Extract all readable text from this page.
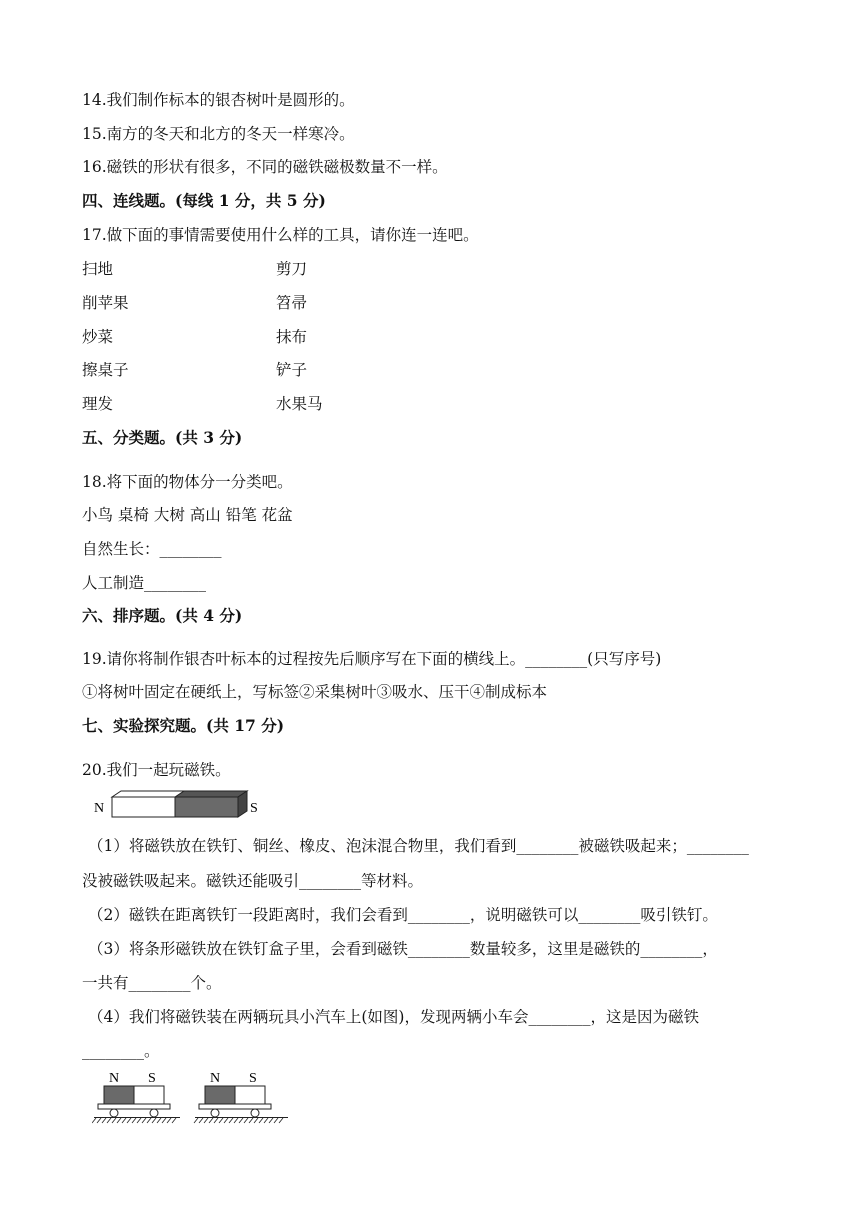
14.我们制作标本的银杏树叶是圆形的。
15.南方的冬天和北方的冬天一样寒冷。
16.磁铁的形状有很多，不同的磁铁磁极数量不一样。
四、连线题。(每线 1 分，共 5 分)
17.做下面的事情需要使用什么样的工具，请你连一连吧。
扫地	剪刀
削苹果	笤帚
炒菜	抹布
擦桌子	铲子
理发	水果马
五、分类题。(共 3 分)
18.将下面的物体分一分类吧。
小鸟 桌椅 大树 高山 铅笔 花盆
自然生长：________
人工制造________
六、排序题。(共 4 分)
19.请你将制作银杏叶标本的过程按先后顺序写在下面的横线上。________(只写序号)
①将树叶固定在硬纸上，写标签②采集树叶③吸水、压干④制成标本
七、实验探究题。(共 17 分)
20.我们一起玩磁铁。
N	S
（1）将磁铁放在铁钉、铜丝、橡皮、泡沫混合物里，我们看到________被磁铁吸起来；________
没被磁铁吸起来。磁铁还能吸引________等材料。
（2）磁铁在距离铁钉一段距离时，我们会看到________，说明磁铁可以________吸引铁钉。
（3）将条形磁铁放在铁钉盒子里，会看到磁铁________数量较多，这里是磁铁的________，
一共有________个。
（4）我们将磁铁装在两辆玩具小汽车上(如图)，发现两辆小车会________，这是因为磁铁
________。
N S	N S
